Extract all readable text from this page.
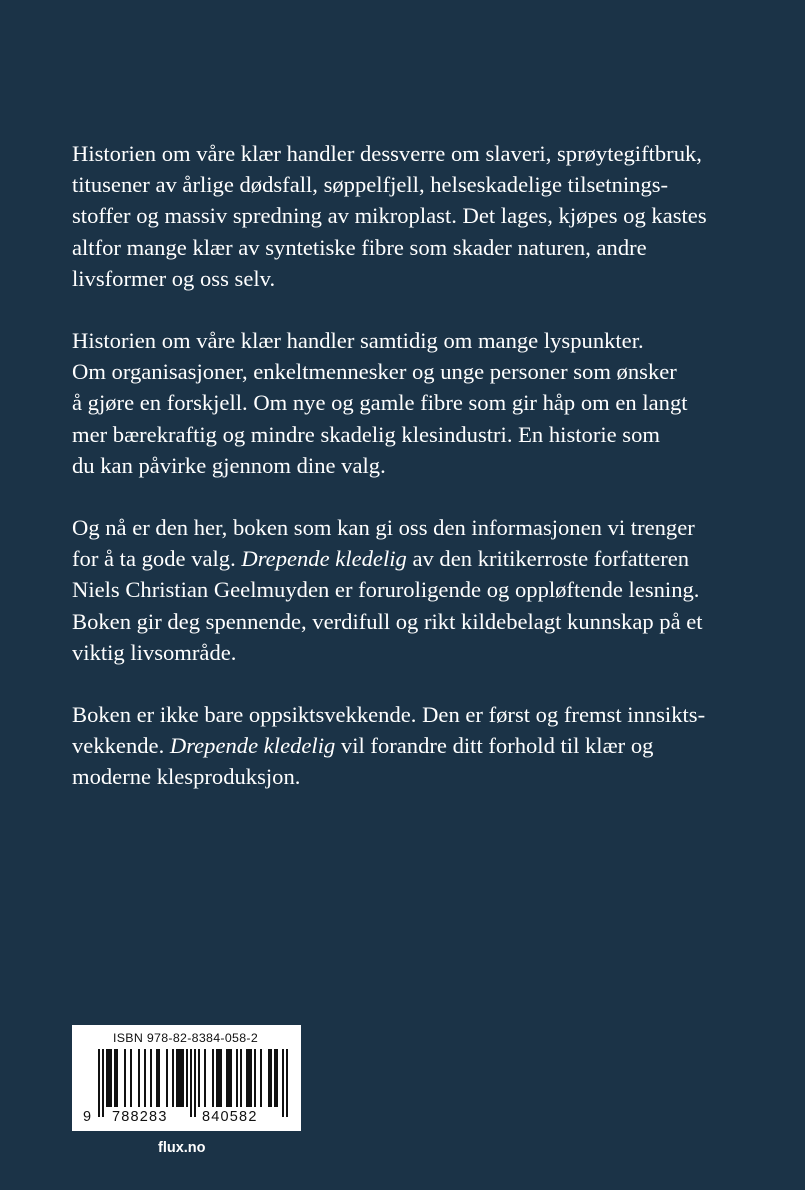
Historien om våre klær handler dessverre om slaveri, sprøytegiftbruk,
titusener av årlige dødsfall, søppelfjell, helseskadelige tilsetnings-
stoffer og massiv spredning av mikroplast. Det lages, kjøpes og kastes
altfor mange klær av syntetiske fibre som skader naturen, andre
livsformer og oss selv.

Historien om våre klær handler samtidig om mange lyspunkter.
Om organisasjoner, enkeltmennesker og unge personer som ønsker
å gjøre en forskjell. Om nye og gamle fibre som gir håp om en langt
mer bærekraftig og mindre skadelig klesindustri. En historie som
du kan påvirke gjennom dine valg.

Og nå er den her, boken som kan gi oss den informasjonen vi trenger
for å ta gode valg. Drepende kledelig av den kritikerroste forfatteren
Niels Christian Geelmuyden er foruroligende og oppløftende lesning.
Boken gir deg spennende, verdifull og rikt kildebelagt kunnskap på et
viktig livsområde.

Boken er ikke bare oppsiktsvekkende. Den er først og fremst innsikts-
vekkende. Drepende kledelig vil forandre ditt forhold til klær og
moderne klesproduksjon.

ISBN 978-82-8384-058-2
9 788283 840582
flux.no
